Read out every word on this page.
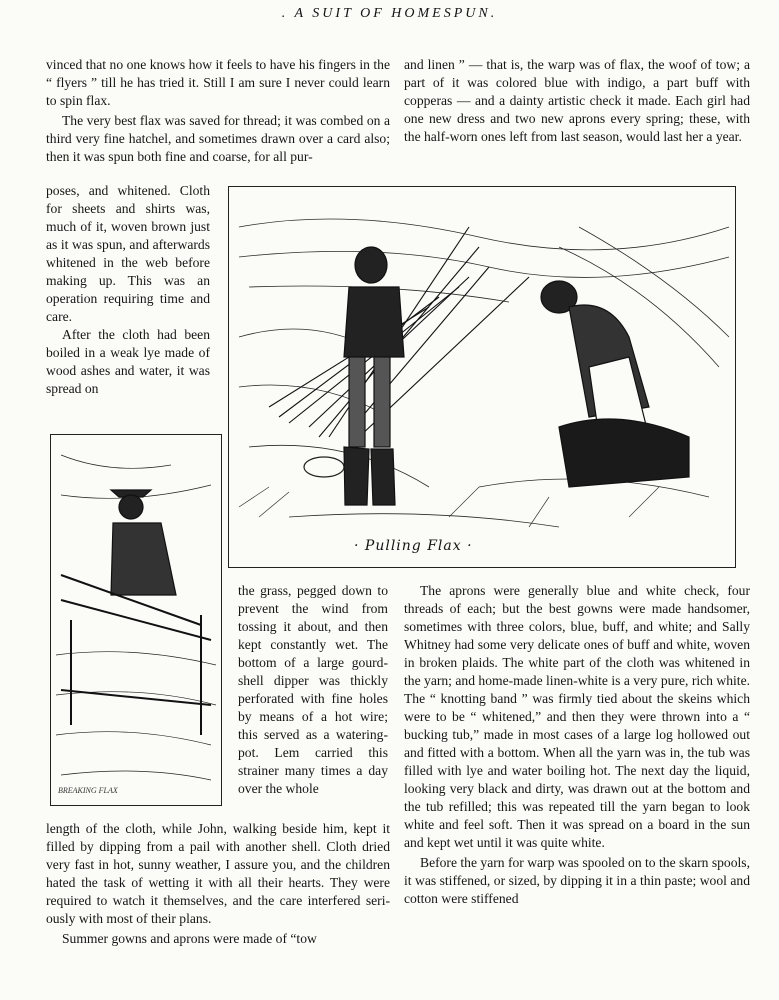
. A SUIT OF HOMESPUN.

vinced that no one knows how it feels to have his fingers in the “ flyers ” till he has tried it. Still I am sure I never could learn to spin flax.

The very best flax was saved for thread; it was combed on a third very fine hatchel, and sometimes drawn over a card also; then it was spun both fine and coarse, for all pur-

poses, and whitened. Cloth for sheets and shirts was, much of it, woven brown just as it was spun, and afterwards whitened in the web before making up. This was an operation requiring time and care.

After the cloth had been boiled in a weak lye made of wood ashes and water, it was spread on

and linen ” — that is, the warp was of flax, the woof of tow; a part of it was colored blue with indigo, a part buff with copperas — and a dainty artistic check it made. Each girl had one new dress and two new aprons every spring; these, with the half-worn ones left from last season, would last her a year.

· Pulling Flax ·
BREAKING FLAX

the grass, pegged down to prevent the wind from tossing it about, and then kept constantly wet. The bottom of a large gourd-shell dipper was thickly perforated with fine holes by means of a hot wire; this served as a watering-pot. Lem carried this strainer many times a day over the whole

length of the cloth, while John, walking beside him, kept it filled by dipping from a pail with another shell. Cloth dried very fast in hot, sunny weather, I assure you, and the children hated the task of wetting it with all their hearts. They were required to watch it themselves, and the care interfered seriously with most of their plans.

Summer gowns and aprons were made of “tow

The aprons were generally blue and white check, four threads of each; but the best gowns were made handsomer, sometimes with three colors, blue, buff, and white; and Sally Whitney had some very delicate ones of buff and white, woven in broken plaids. The white part of the cloth was whitened in the yarn; and home-made linen-white is a very pure, rich white. The “ knotting band ” was firmly tied about the skeins which were to be “ whitened,” and then they were thrown into a “ bucking tub,” made in most cases of a large log hollowed out and fitted with a bottom. When all the yarn was in, the tub was filled with lye and water boiling hot. The next day the liquid, looking very black and dirty, was drawn out at the bottom and the tub refilled; this was repeated till the yarn began to look white and feel soft. Then it was spread on a board in the sun and kept wet until it was quite white.

Before the yarn for warp was spooled on to the skarn spools, it was stiffened, or sized, by dipping it in a thin paste; wool and cotton were stiffened
